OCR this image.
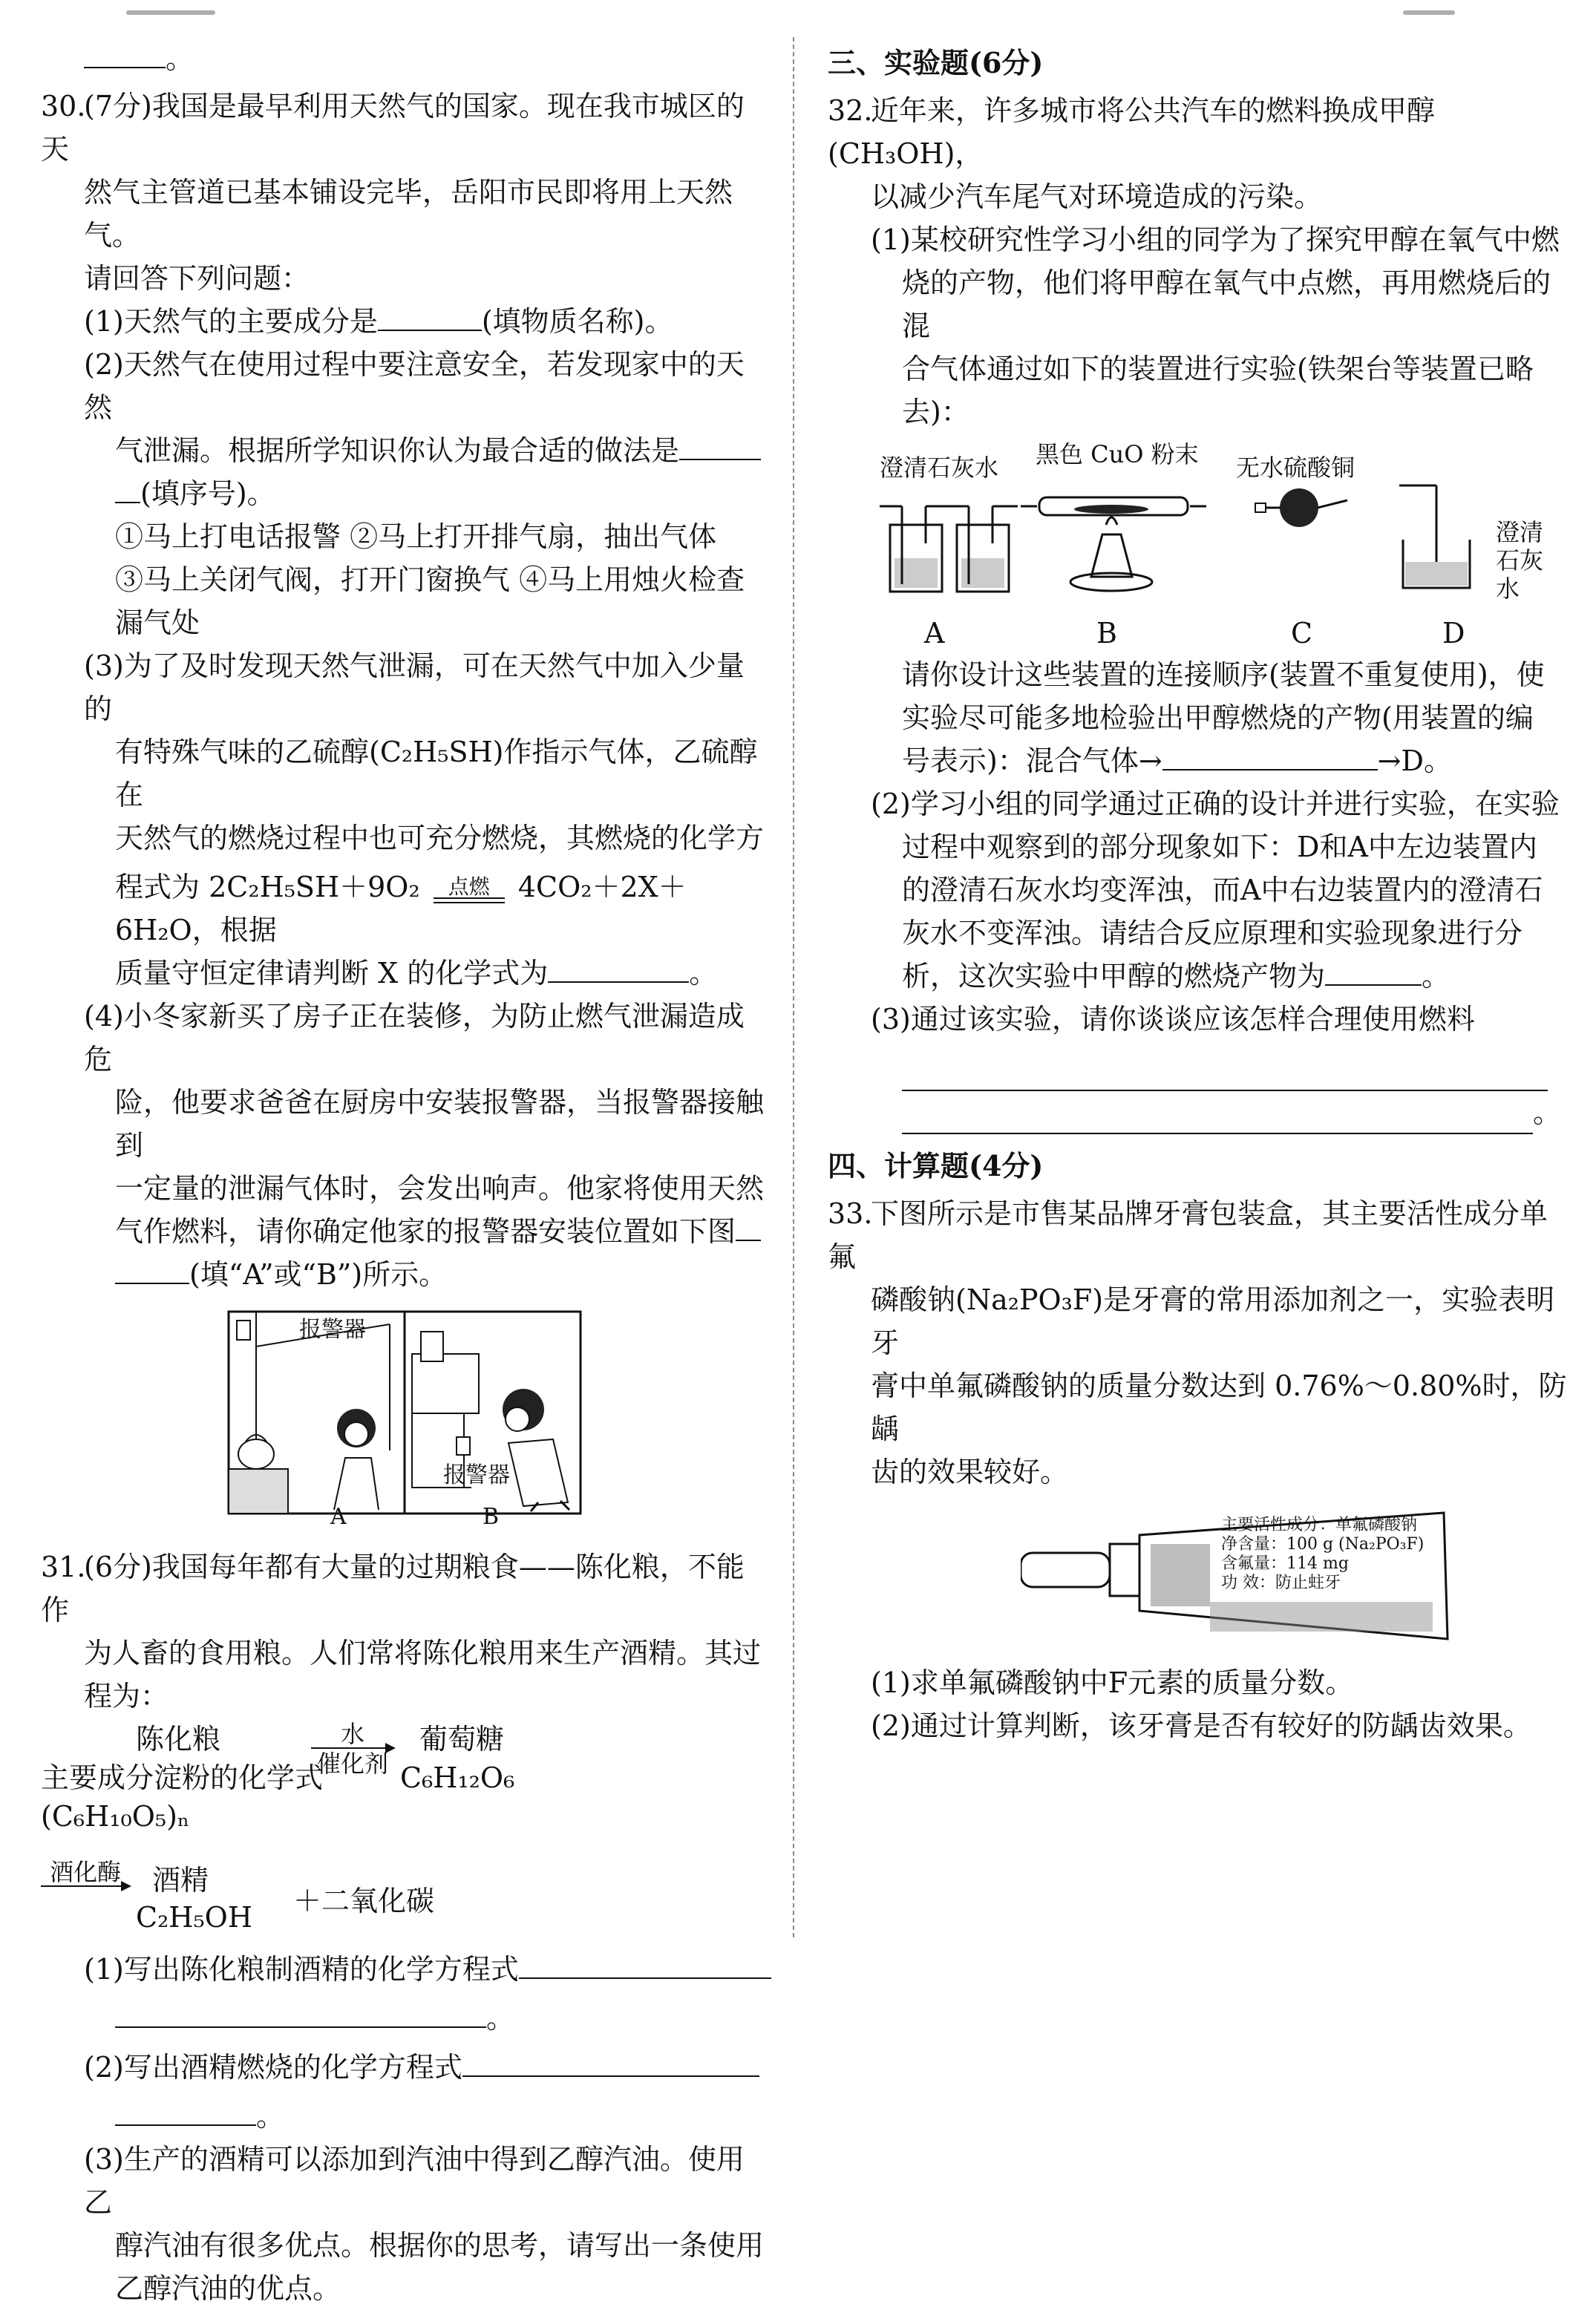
。

30.(7分)我国是最早利用天然气的国家。现在我市城区的天

然气主管道已基本铺设完毕，岳阳市民即将用上天然气。

请回答下列问题：

(1)天然气的主要成分是	(填物质名称)。

(2)天然气在使用过程中要注意安全，若发现家中的天然

气泄漏。根据所学知识你认为最合适的做法是

(填序号)。

①马上打电话报警 ②马上打开排气扇，抽出气体

③马上关闭气阀，打开门窗换气 ④马上用烛火检查

漏气处

(3)为了及时发现天然气泄漏，可在天然气中加入少量的

有特殊气味的乙硫醇(C₂H₅SH)作指示气体，乙硫醇在

天然气的燃烧过程中也可充分燃烧，其燃烧的化学方

程式为 2C₂H₅SH＋9O₂	点燃	4CO₂＋2X＋6H₂O，根据

质量守恒定律请判断 X 的化学式为	。

(4)小冬家新买了房子正在装修，为防止燃气泄漏造成危

险，他要求爸爸在厨房中安装报警器，当报警器接触到

一定量的泄漏气体时，会发出响声。他家将使用天然

气作燃料，请你确定他家的报警器安装位置如下图

(填“A”或“B”)所示。

报警器
报警器
A	B

31.(6分)我国每年都有大量的过期粮食——陈化粮，不能作

为人畜的食用粮。人们常将陈化粮用来生产酒精。其过

程为：

陈化粮
主要成分淀粉的化学式
(C₆H₁₀O₅)ₙ
水
催化剂
葡萄糖
C₆H₁₂O₆
酒化酶	酒精
C₂H₅OH ＋二氧化碳

(1)写出陈化粮制酒精的化学方程式

。

(2)写出酒精燃烧的化学方程式

。

(3)生产的酒精可以添加到汽油中得到乙醇汽油。使用乙

醇汽油有很多优点。根据你的思考，请写出一条使用

乙醇汽油的优点。

三、实验题(6分)

32.近年来，许多城市将公共汽车的燃料换成甲醇(CH₃OH)，

以减少汽车尾气对环境造成的污染。

(1)某校研究性学习小组的同学为了探究甲醇在氧气中燃

烧的产物，他们将甲醇在氧气中点燃，再用燃烧后的混

合气体通过如下的装置进行实验(铁架台等装置已略

去)：

澄清石灰水 黑色 CuO 粉末 无水硫酸铜
澄清石灰水
A	B	C	D

请你设计这些装置的连接顺序(装置不重复使用)，使

实验尽可能多地检验出甲醇燃烧的产物(用装置的编

号表示)：混合气体→	→D。

(2)学习小组的同学通过正确的设计并进行实验，在实验

过程中观察到的部分现象如下：D和A中左边装置内

的澄清石灰水均变浑浊，而A中右边装置内的澄清石

灰水不变浑浊。请结合反应原理和实验现象进行分

析，这次实验中甲醇的燃烧产物为	。

(3)通过该实验，请你谈谈应该怎样合理使用燃料

。

四、计算题(4分)

33.下图所示是市售某品牌牙膏包装盒，其主要活性成分单氟

磷酸钠(Na₂PO₃F)是牙膏的常用添加剂之一，实验表明牙

膏中单氟磷酸钠的质量分数达到 0.76%～0.80%时，防龋

齿的效果较好。

主要活性成分：单氟磷酸钠
净含量：100 g (Na₂PO₃F)
含氟量：114 mg
功 效：防止蛀牙

(1)求单氟磷酸钠中F元素的质量分数。

(2)通过计算判断，该牙膏是否有较好的防龋齿效果。
